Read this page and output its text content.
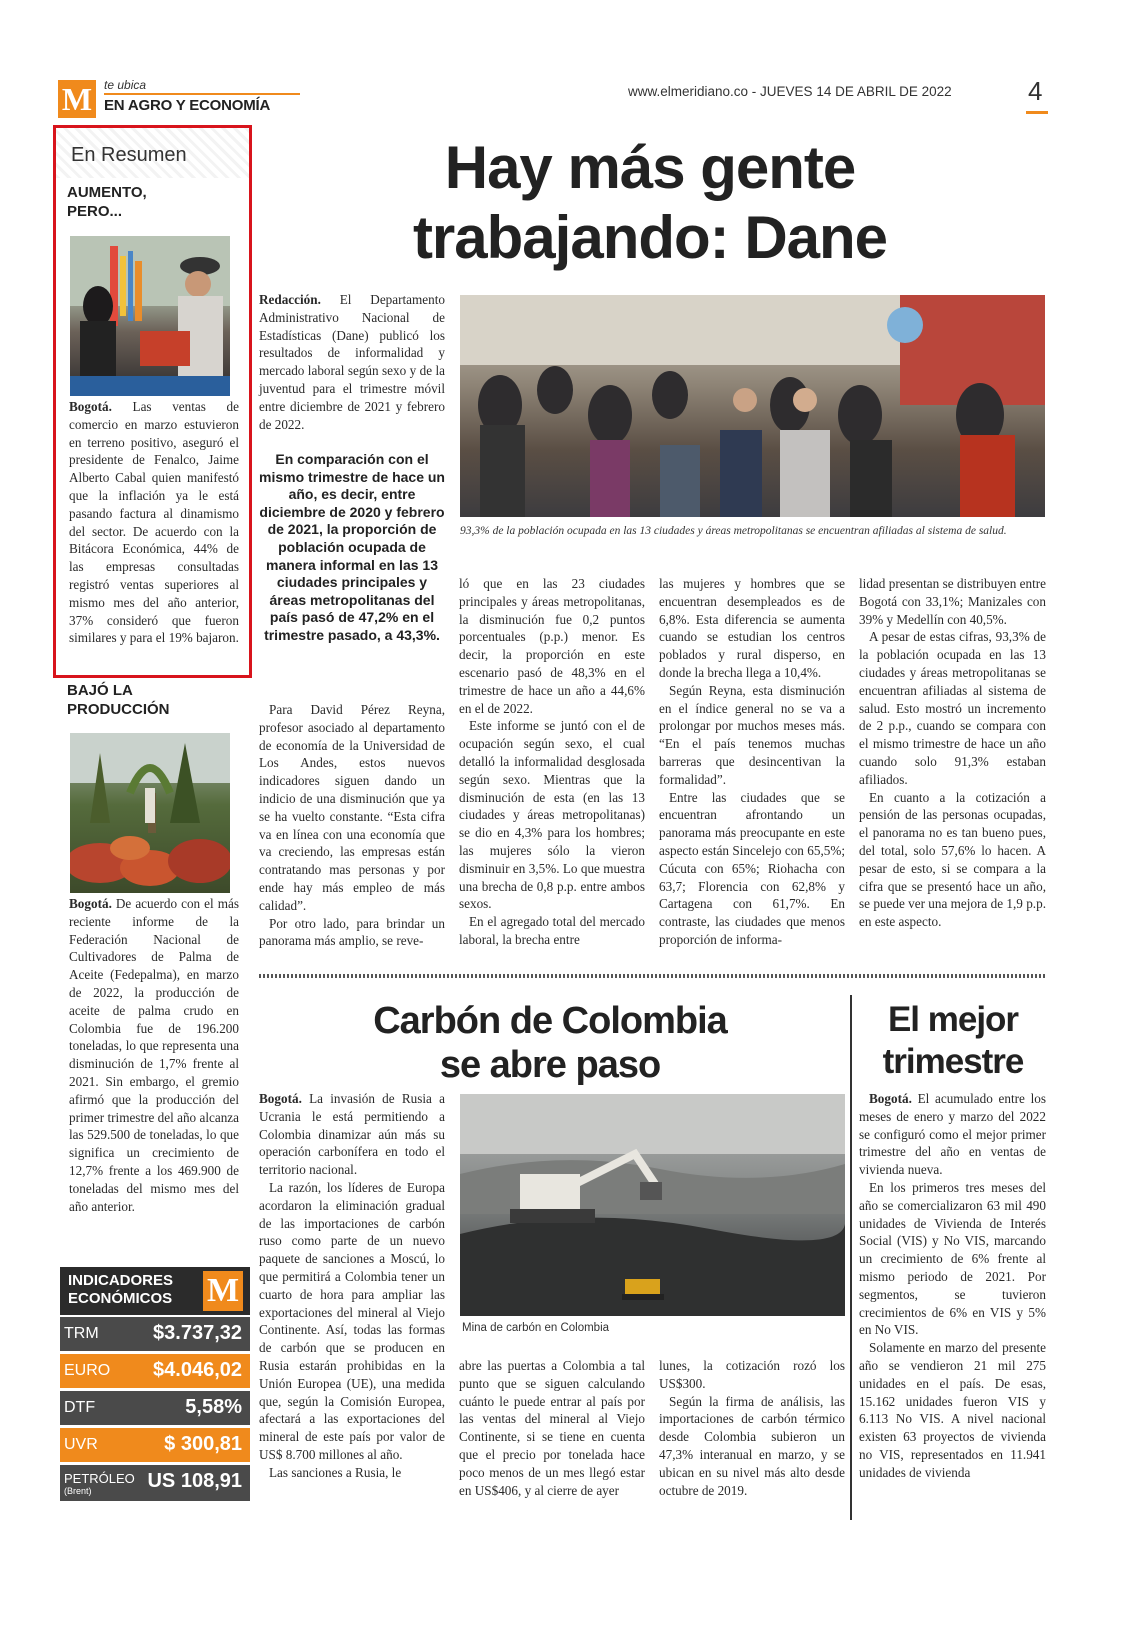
M te ubica
EN AGRO Y ECONOMÍA
www.elmeridiano.co - JUEVES 14 DE ABRIL DE 2022	4
En Resumen
AUMENTO,
PERO...

Bogotá. Las ventas de comercio en marzo estuvieron en terreno positivo, aseguró el presidente de Fenalco, Jaime Alberto Cabal quien manifestó que la inflación ya le está pasando factura al dinamismo del sector. De acuerdo con la Bitácora Económica, 44% de las empresas consultadas registró ventas superiores al mismo mes del año anterior, 37% consideró que fueron similares y para el 19% bajaron.

BAJÓ LA
PRODUCCIÓN

Bogotá. De acuerdo con el más reciente informe de la Federación Nacional de Cultivadores de Palma de Aceite (Fedepalma), en marzo de 2022, la producción de aceite de palma crudo en Colombia fue de 196.200 toneladas, lo que representa una disminución de 1,7% frente al 2021. Sin embargo, el gremio afirmó que la producción del primer trimestre del año alcanza las 529.500 de toneladas, lo que significa un crecimiento de 12,7% frente a los 469.900 de toneladas del mismo mes del año anterior.

INDICADORES
ECONÓMICOS M
TRM	$3.737,32
EURO $4.046,02
DTF	5,58%
UVR	$ 300,81
PETRÓLEO
(Brent)	US 108,91
Hay más gente
trabajando: Dane

Redacción. El Departamento Administrativo Nacional de Estadísticas (Dane) publicó los resultados de informalidad y mercado laboral según sexo y de la juventud para el trimestre móvil entre diciembre de 2021 y febrero de 2022.

En comparación con el mismo trimestre de hace un año, es decir, entre diciembre de 2020 y febrero de 2021, la proporción de población ocupada de manera informal en las 13 ciudades principales y áreas metropolitanas del país pasó de 47,2% en el trimestre pasado, a 43,3%.
93,3% de la población ocupada en las 13 ciudades y áreas metropolitanas se encuentran afiliadas al sistema de salud.

Para David Pérez Reyna, profesor asociado al departamento de economía de la Universidad de Los Andes, estos nuevos indicadores siguen dando un indicio de una disminución que ya se ha vuelto constante. “Esta cifra va en línea con una economía que va creciendo, las empresas están contratando mas personas y por ende hay más empleo de más calidad”.

Por otro lado, para brindar un panorama más amplio, se reve-

ló que en las 23 ciudades principales y áreas metropolitanas, la disminución fue 0,2 puntos porcentuales (p.p.) menor. Es decir, la proporción en este escenario pasó de 48,3% en el trimestre de hace un año a 44,6% en el de 2022.

Este informe se juntó con el de ocupación según sexo, el cual detalló la informalidad desglosada según sexo. Mientras que la disminución de esta (en las 13 ciudades y áreas metropolitanas) se dio en 4,3% para los hombres; las mujeres sólo la vieron disminuir en 3,5%. Lo que muestra una brecha de 0,8 p.p. entre ambos sexos.

En el agregado total del mercado laboral, la brecha entre

las mujeres y hombres que se encuentran desempleados es de 6,8%. Esta diferencia se aumenta cuando se estudian los centros poblados y rural disperso, en donde la brecha llega a 10,4%.

Según Reyna, esta disminución en el índice general no se va a prolongar por muchos meses más. “En el país tenemos muchas barreras que desincentivan la formalidad”.

Entre las ciudades que se encuentran afrontando un panorama más preocupante en este aspecto están Sincelejo con 65,5%; Cúcuta con 65%; Riohacha con 63,7; Florencia con 62,8% y Cartagena con 61,7%. En contraste, las ciudades que menos proporción de informa-

lidad presentan se distribuyen entre Bogotá con 33,1%; Manizales con 39% y Medellín con 40,5%.

A pesar de estas cifras, 93,3% de la población ocupada en las 13 ciudades y áreas metropolitanas se encuentran afiliadas al sistema de salud. Esto mostró un incremento de 2 p.p., cuando se compara con el mismo trimestre de hace un año cuando solo 91,3% estaban afiliados.

En cuanto a la cotización a pensión de las personas ocupadas, el panorama no es tan bueno pues, del total, solo 57,6% lo hacen. A pesar de esto, si se compara a la cifra que se presentó hace un año, se puede ver una mejora de 1,9 p.p. en este aspecto.

Carbón de Colombia
se abre paso

Bogotá. La invasión de Rusia a Ucrania le está permitiendo a Colombia dinamizar aún más su operación carbonífera en todo el territorio nacional.

La razón, los líderes de Europa acordaron la eliminación gradual de las importaciones de carbón ruso como parte de un nuevo paquete de sanciones a Moscú, lo que permitirá a Colombia tener un cuarto de hora para ampliar las exportaciones del mineral al Viejo Continente. Así, todas las formas de carbón que se producen en Rusia estarán prohibidas en la Unión Europea (UE), una medida que, según la Comisión Europea, afectará a las exportaciones del mineral de este país por valor de US$ 8.700 millones al año.

Las sanciones a Rusia, le

Mina de carbón en Colombia

abre las puertas a Colombia a tal punto que se siguen calculando cuánto le puede entrar al país por las ventas del mineral al Viejo Continente, si se tiene en cuenta que el precio por tonelada hace poco menos de un mes llegó estar en US$406, y al cierre de ayer

lunes, la cotización rozó los US$300.

Según la firma de análisis, las importaciones de carbón térmico desde Colombia subieron un 47,3% interanual en marzo, y se ubican en su nivel más alto desde octubre de 2019.

El mejor
trimestre

Bogotá. El acumulado entre los meses de enero y marzo del 2022 se configuró como el mejor primer trimestre del año en ventas de vivienda nueva.

En los primeros tres meses del año se comercializaron 63 mil 490 unidades de Vivienda de Interés Social (VIS) y No VIS, marcando un crecimiento de 6% frente al mismo periodo de 2021. Por segmentos, se tuvieron crecimientos de 6% en VIS y 5% en No VIS.

Solamente en marzo del presente año se vendieron 21 mil 275 unidades en el país. De esas, 15.162 unidades fueron VIS y 6.113 No VIS. A nivel nacional existen 63 proyectos de vivienda no VIS, representados en 11.941 unidades de vivienda
